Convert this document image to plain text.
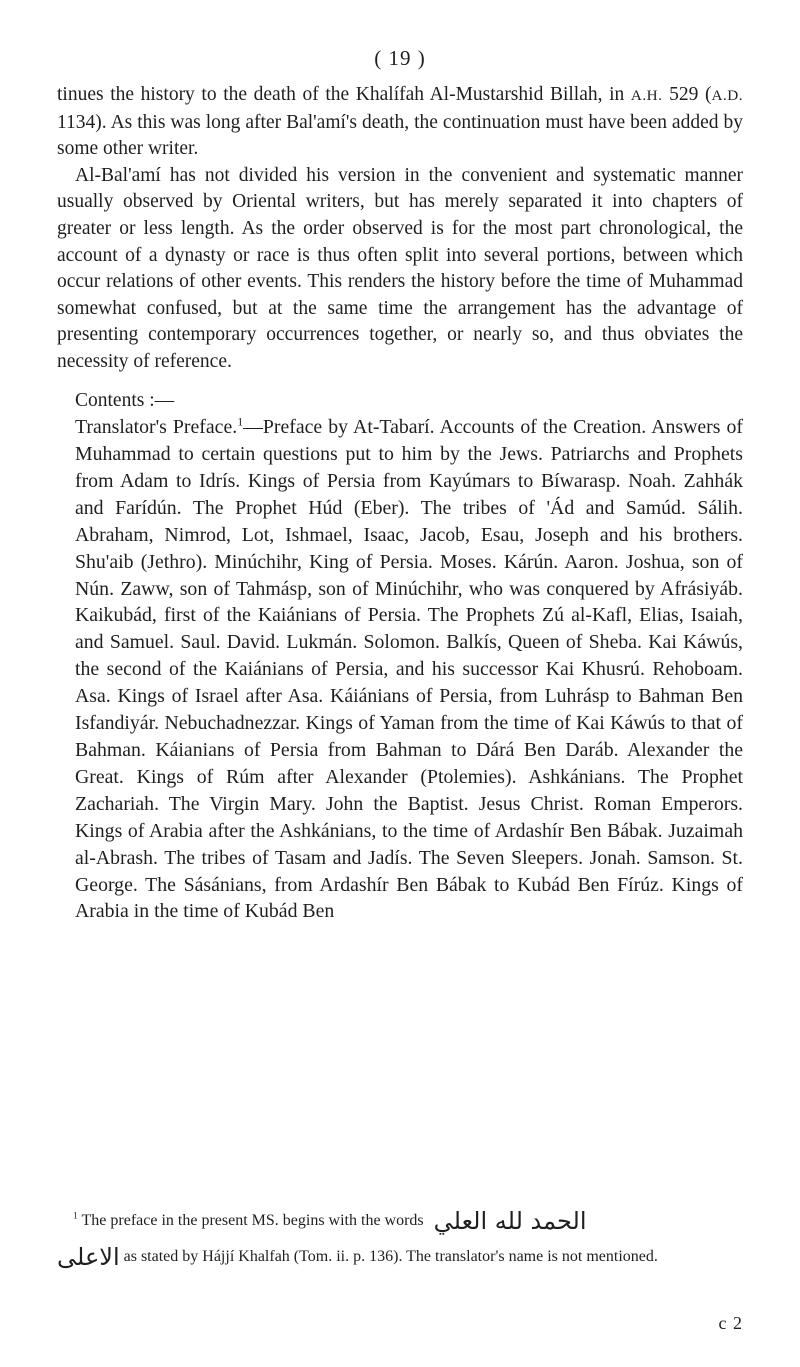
( 19 )

tinues the history to the death of the Khalífah Al-Mustarshid Billah, in A.H. 529 (A.D. 1134). As this was long after Bal'amí's death, the continuation must have been added by some other writer.

Al-Bal'amí has not divided his version in the convenient and systematic manner usually observed by Oriental writers, but has merely separated it into chapters of greater or less length. As the order observed is for the most part chronological, the account of a dynasty or race is thus often split into several portions, between which occur relations of other events. This renders the history before the time of Muhammad somewhat confused, but at the same time the arrangement has the advantage of presenting contemporary occurrences together, or nearly so, and thus obviates the necessity of reference.

Contents :—

Translator's Preface.$^1$—Preface by At-Tabarí. Accounts of the Creation. Answers of Muhammad to certain questions put to him by the Jews. Patriarchs and Prophets from Adam to Idrís. Kings of Persia from Kayúmars to Bíwarasp. Noah. Zahhák and Farídún. The Prophet Húd (Eber). The tribes of 'Ád and Samúd. Sálih. Abraham, Nimrod, Lot, Ishmael, Isaac, Jacob, Esau, Joseph and his brothers. Shu'aib (Jethro). Minúchihr, King of Persia. Moses. Kárún. Aaron. Joshua, son of Nún. Zaww, son of Tahmásp, son of Minúchihr, who was conquered by Afrásiyáb. Kaikubád, first of the Kaiánians of Persia. The Prophets Zú al-Kafl, Elias, Isaiah, and Samuel. Saul. David. Lukmán. Solomon. Balkís, Queen of Sheba. Kai Káwús, the second of the Kaiánians of Persia, and his successor Kai Khusrú. Rehoboam. Asa. Kings of Israel after Asa. Káiánians of Persia, from Luhrásp to Bahman Ben Isfandiyár. Nebuchadnezzar. Kings of Yaman from the time of Kai Káwús to that of Bahman. Káianians of Persia from Bahman to Dárá Ben Daráb. Alexander the Great. Kings of Rúm after Alexander (Ptolemies). Ashkánians. The Prophet Zachariah. The Virgin Mary. John the Baptist. Jesus Christ. Roman Emperors. Kings of Arabia after the Ashkánians, to the time of Ardashír Ben Bábak. Juzaimah al-Abrash. The tribes of Tasam and Jadís. The Seven Sleepers. Jonah. Samson. St. George. The Sásánians, from Ardashír Ben Bábak to Kubád Ben Fírúz. Kings of Arabia in the time of Kubád Ben

$^1$ The preface in the present MS. begins with the words الحمد لله العلي

الاعلى as stated by Hájjí Khalfah (Tom. ii. p. 136). The translator's name is not mentioned.

c 2
